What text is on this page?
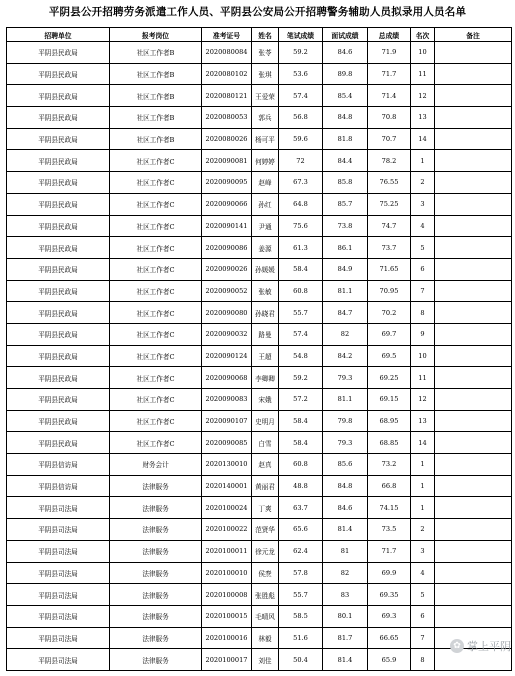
平阴县公开招聘劳务派遣工作人员、平阴县公安局公开招聘警务辅助人员拟录用人员名单
招聘单位	报考岗位	准考证号	姓名	笔试成绩	面试成绩	总成绩	名次	备注
平阴县民政局	社区工作者B	2020080084	张苓	59.2	84.6	71.9	10	
平阴县民政局	社区工作者B	2020080102	张琪	53.6	89.8	71.7	11	
平阴县民政局	社区工作者B	2020080121	王爱荣	57.4	85.4	71.4	12	
平阴县民政局	社区工作者B	2020080053	郭兵	56.8	84.8	70.8	13	
平阴县民政局	社区工作者B	2020080026	杨可平	59.6	81.8	70.7	14	
平阴县民政局	社区工作者C	2020090081	何婷婷	72	84.4	78.2	1	
平阴县民政局	社区工作者C	2020090095	赵峰	67.3	85.8	76.55	2	
平阴县民政局	社区工作者C	2020090066	孙红	64.8	85.7	75.25	3	
平阴县民政局	社区工作者C	2020090141	尹通	75.6	73.8	74.7	4	
平阴县民政局	社区工作者C	2020090086	姜源	61.3	86.1	73.7	5	
平阴县民政局	社区工作者C	2020090026	孙媛媛	58.4	84.9	71.65	6	
平阴县民政局	社区工作者C	2020090052	张敏	60.8	81.1	70.95	7	
平阴县民政局	社区工作者C	2020090080	孙晓君	55.7	84.7	70.2	8	
平阴县民政局	社区工作者C	2020090032	路曼	57.4	82	69.7	9	
平阴县民政局	社区工作者C	2020090124	王超	54.8	84.2	69.5	10	
平阴县民政局	社区工作者C	2020090068	李卿卿	59.2	79.3	69.25	11	
平阴县民政局	社区工作者C	2020090083	宋娥	57.2	81.1	69.15	12	
平阴县民政局	社区工作者C	2020090107	史明月	58.4	79.8	68.95	13	
平阴县民政局	社区工作者C	2020090085	白雪	58.4	79.3	68.85	14	
平阴县信访局	财务会计	2020130010	赵真	60.8	85.6	73.2	1	
平阴县信访局	法律服务	2020140001	黄丽君	48.8	84.8	66.8	1	
平阴县司法局	法律服务	2020100024	丁爽	63.7	84.6	74.15	1	
平阴县司法局	法律服务	2020100022	范贤华	65.6	81.4	73.5	2	
平阴县司法局	法律服务	2020100011	徐元龙	62.4	81	71.7	3	
平阴县司法局	法律服务	2020100010	侯焘	57.8	82	69.9	4	
平阴县司法局	法律服务	2020100008	张胜彪	55.7	83	69.35	5	
平阴县司法局	法律服务	2020100015	毛晴风	58.5	80.1	69.3	6	
平阴县司法局	法律服务	2020100016	林毅	51.6	81.7	66.65	7	
平阴县司法局	法律服务	2020100017	刘佳	50.4	81.4	65.9	8	
✿ 掌上平阴
